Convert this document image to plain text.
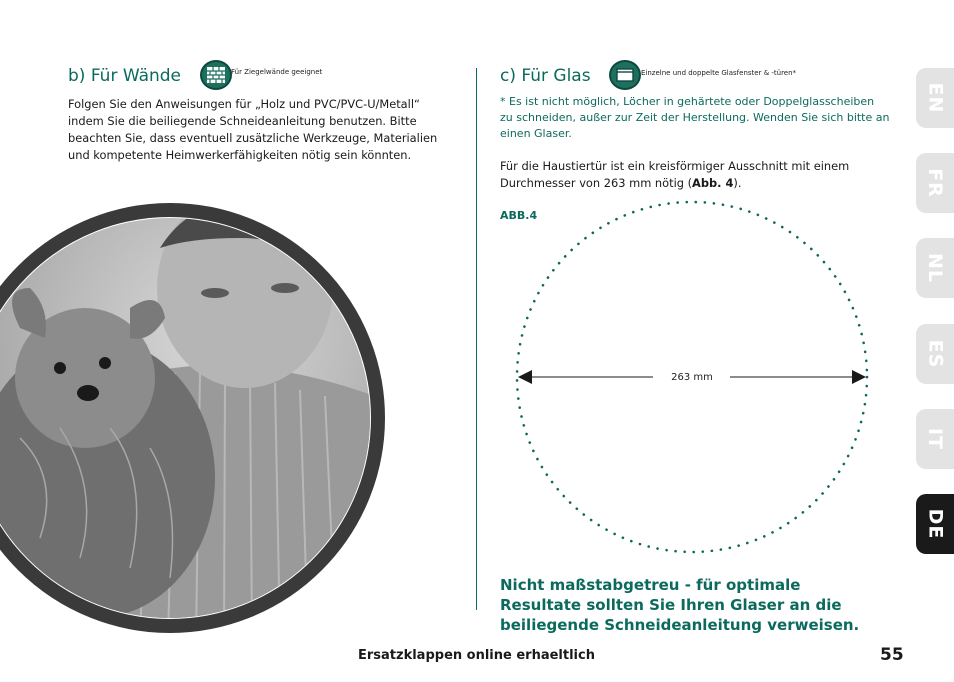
b) Für Wände	Für Ziegelwände geeignet
Folgen Sie den Anweisungen für „Holz und PVC/PVC-U/Metall“ indem Sie die beiliegende Schneideanleitung benutzen. Bitte beachten Sie, dass eventuell zusätzliche Werkzeuge, Materialien und kompetente Heimwerkerfähigkeiten nötig sein könnten.
c) Für Glas	Einzelne und doppelte Glasfenster & -türen*
* Es ist nicht möglich, Löcher in gehärtete oder Doppelglasscheiben zu schneiden, außer zur Zeit der Herstellung. Wenden Sie sich bitte an einen Glaser.
Für die Haustiertür ist ein kreisförmiger Ausschnitt mit einem Durchmesser von 263 mm nötig (Abb. 4).
ABB.4
263 mm
Nicht maßstabgetreu - für optimale Resultate sollten Sie Ihren Glaser an die beiliegende Schneideanleitung verweisen.
EN
FR
NL
ES
IT
DE
Ersatzklappen online erhaeltlich	55
